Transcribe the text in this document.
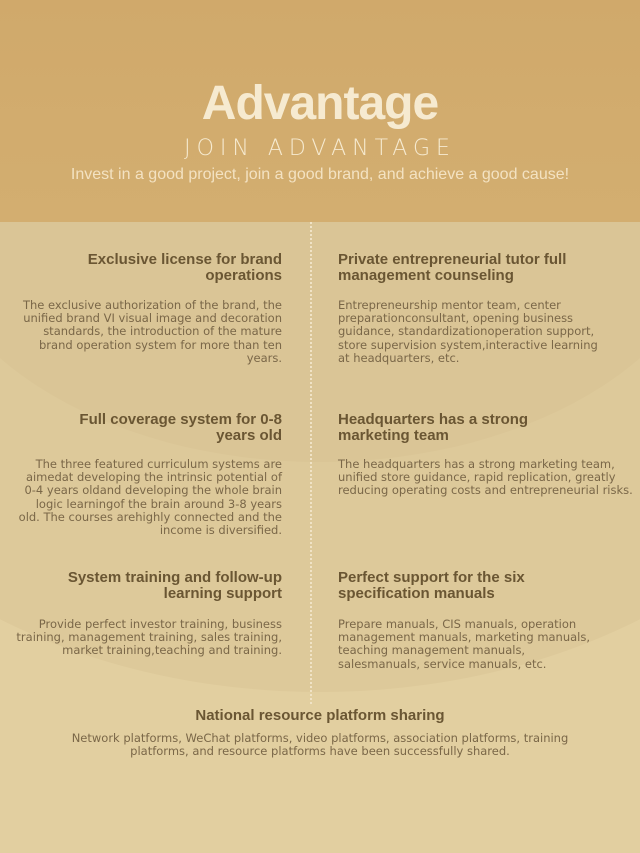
Advantage
JOIN ADVANTAGE
Invest in a good project, join a good brand, and achieve a good cause!
Exclusive license for brand operations

The exclusive authorization of the brand, the unified brand VI visual image and decoration standards, the introduction of the mature brand operation system for more than ten years.

Private entrepreneurial tutor full management counseling

Entrepreneurship mentor team, center preparationconsultant, opening business guidance, standardizationoperation support, store supervision system,interactive learning at headquarters, etc.

Full coverage system for 0-8 years old

The three featured curriculum systems are aimedat developing the intrinsic potential of 0-4 years oldand developing the whole brain logic learningof the brain around 3-8 years old. The courses arehighly connected and the income is diversified.

Headquarters has a strong marketing team

The headquarters has a strong marketing team, unified store guidance, rapid replication, greatly reducing operating costs and entrepreneurial risks.

System training and follow-up learning support

Provide perfect investor training, business training, management training, sales training, market training,teaching and training.

Perfect support for the six specification manuals

Prepare manuals, CIS manuals, operation management manuals, marketing manuals, teaching management manuals, salesmanuals, service manuals, etc.

National resource platform sharing

Network platforms, WeChat platforms, video platforms, association platforms, training platforms, and resource platforms have been successfully shared.
